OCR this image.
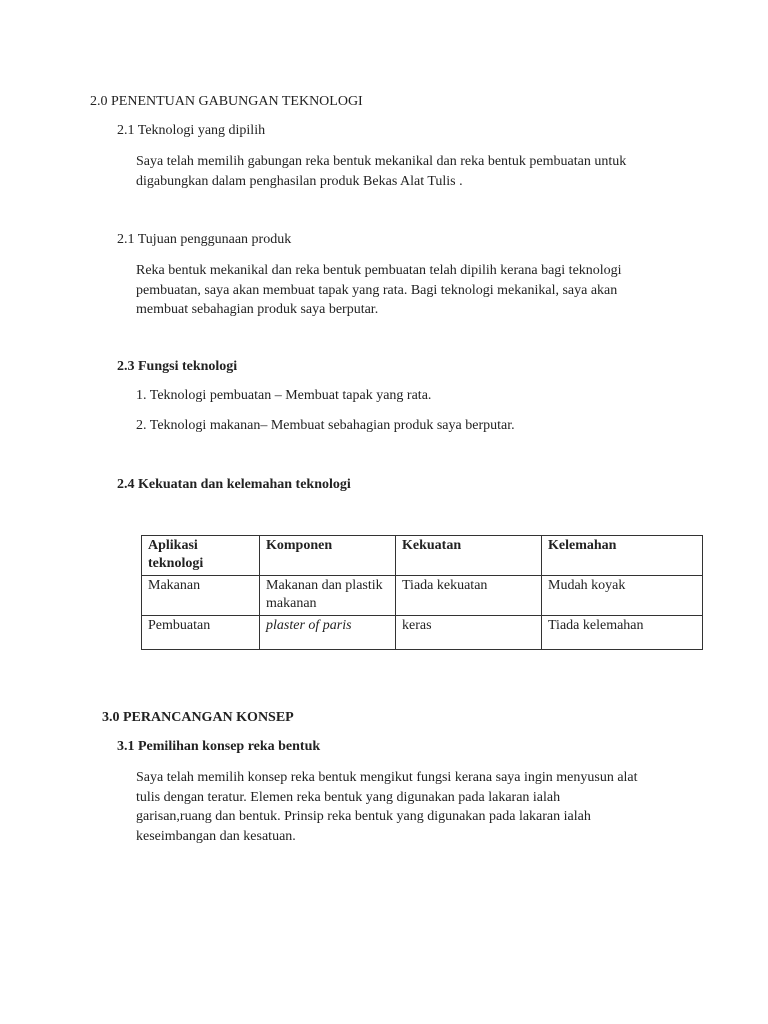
2.0 PENENTUAN GABUNGAN TEKNOLOGI
2.1 Teknologi yang dipilih
Saya telah memilih gabungan reka bentuk mekanikal dan reka bentuk pembuatan untuk
digabungkan dalam penghasilan produk Bekas Alat Tulis .
2.1 Tujuan penggunaan produk
Reka bentuk mekanikal dan reka bentuk pembuatan telah dipilih kerana bagi teknologi
pembuatan, saya akan membuat tapak yang rata. Bagi teknologi mekanikal, saya akan
membuat sebahagian produk saya berputar.
2.3 Fungsi teknologi
1. Teknologi pembuatan – Membuat tapak yang rata.
2. Teknologi makanan– Membuat sebahagian produk saya berputar.
2.4 Kekuatan dan kelemahan teknologi
Aplikasi teknologi	Komponen	Kekuatan	Kelemahan
Makanan	Makanan dan plastik makanan	Tiada kekuatan	Mudah koyak
Pembuatan	plaster of paris	keras	Tiada kelemahan
3.0 PERANCANGAN KONSEP
3.1 Pemilihan konsep reka bentuk
Saya telah memilih konsep reka bentuk mengikut fungsi kerana saya ingin menyusun alat
tulis dengan teratur. Elemen reka bentuk yang digunakan pada lakaran ialah
garisan,ruang dan bentuk. Prinsip reka bentuk yang digunakan pada lakaran ialah
keseimbangan dan kesatuan.
